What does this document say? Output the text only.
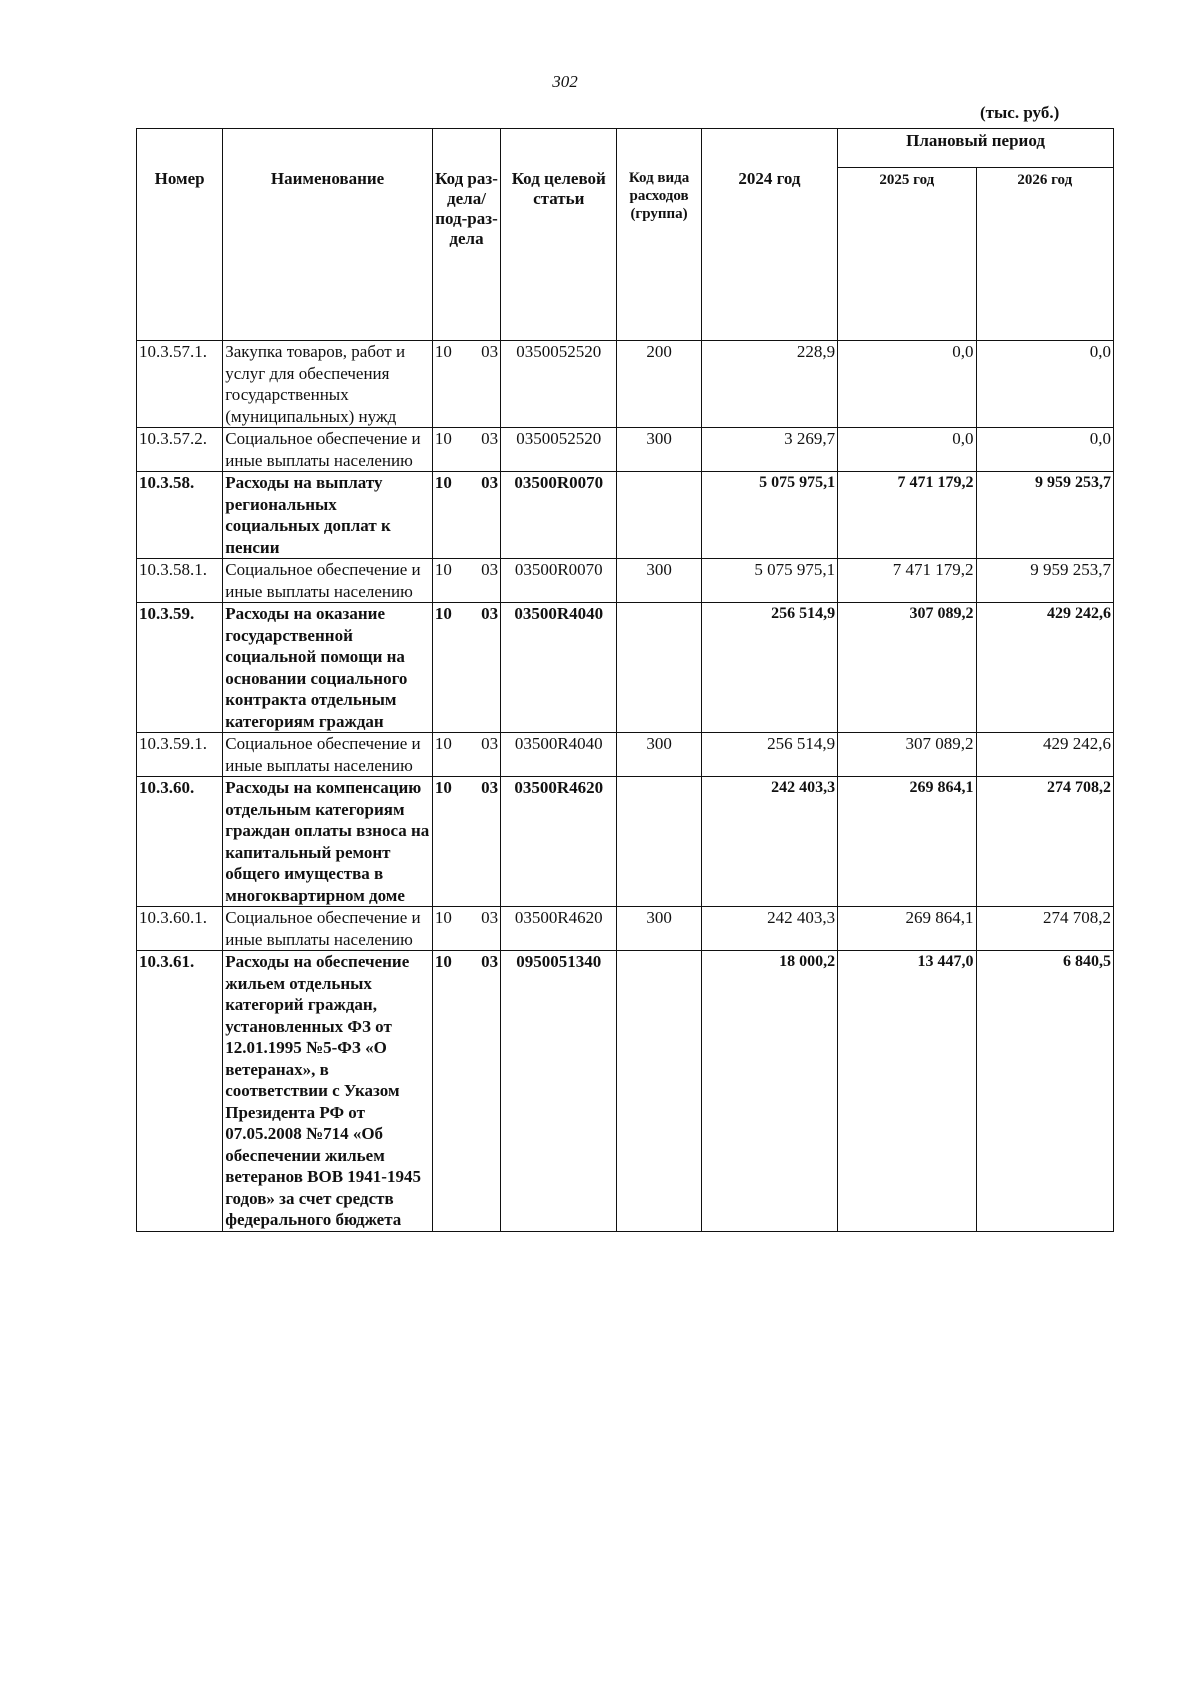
302
(тыс. руб.)
Номер	Наименование	Код раз-дела/ под-раз-дела	Код целевой статьи	Код вида расходов (группа)	2024 год	Плановый период	
						2025 год	2026 год
10.3.57.1.	Закупка товаров, работ и услуг для обеспечения государственных (муниципальных) нужд	10 03	0350052520	200	228,9	0,0	0,0
10.3.57.2.	Социальное обеспечение и иные выплаты населению	10 03	0350052520	300	3 269,7	0,0	0,0
10.3.58.	Расходы на выплату региональных социальных доплат к пенсии	10 03	03500R0070		5 075 975,1	7 471 179,2	9 959 253,7
10.3.58.1.	Социальное обеспечение и иные выплаты населению	10 03	03500R0070	300	5 075 975,1	7 471 179,2	9 959 253,7
10.3.59.	Расходы на оказание государственной социальной помощи на основании социального контракта отдельным категориям граждан	10 03	03500R4040		256 514,9	307 089,2	429 242,6
10.3.59.1.	Социальное обеспечение и иные выплаты населению	10 03	03500R4040	300	256 514,9	307 089,2	429 242,6
10.3.60.	Расходы на компенсацию отдельным категориям граждан оплаты взноса на капитальный ремонт общего имущества в многоквартирном доме	10 03	03500R4620		242 403,3	269 864,1	274 708,2
10.3.60.1.	Социальное обеспечение и иные выплаты населению	10 03	03500R4620	300	242 403,3	269 864,1	274 708,2
10.3.61.	Расходы на обеспечение жильем отдельных категорий граждан, установленных ФЗ от 12.01.1995 №5-ФЗ «О ветеранах», в соответствии с Указом Президента РФ от 07.05.2008 №714 «Об обеспечении жильем ветеранов ВОВ 1941-1945 годов» за счет средств федерального бюджета	10 03	0950051340		18 000,2	13 447,0	6 840,5
